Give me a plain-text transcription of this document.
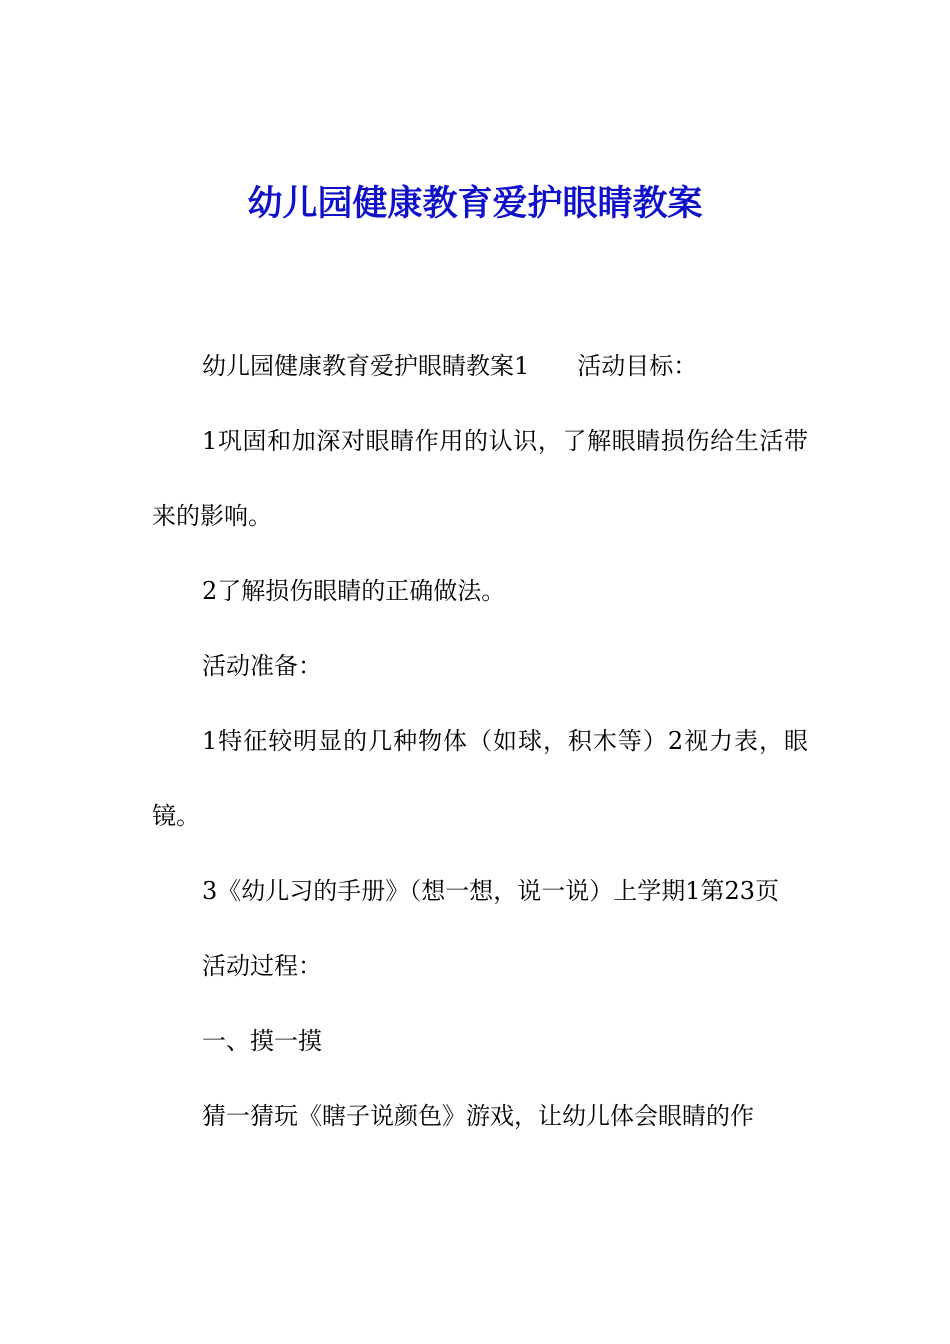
幼儿园健康教育爱护眼睛教案

幼儿园健康教育爱护眼睛教案1　　活动目标：

1巩固和加深对眼睛作用的认识，了解眼睛损伤给生活带来的影响。

2了解损伤眼睛的正确做法。

活动准备：

1特征较明显的几种物体（如球，积木等）2视力表，眼镜。

3《幼儿习的手册》（想一想，说一说）上学期1第23页

活动过程：

一、摸一摸

猜一猜玩《瞎子说颜色》游戏，让幼儿体会眼睛的作
